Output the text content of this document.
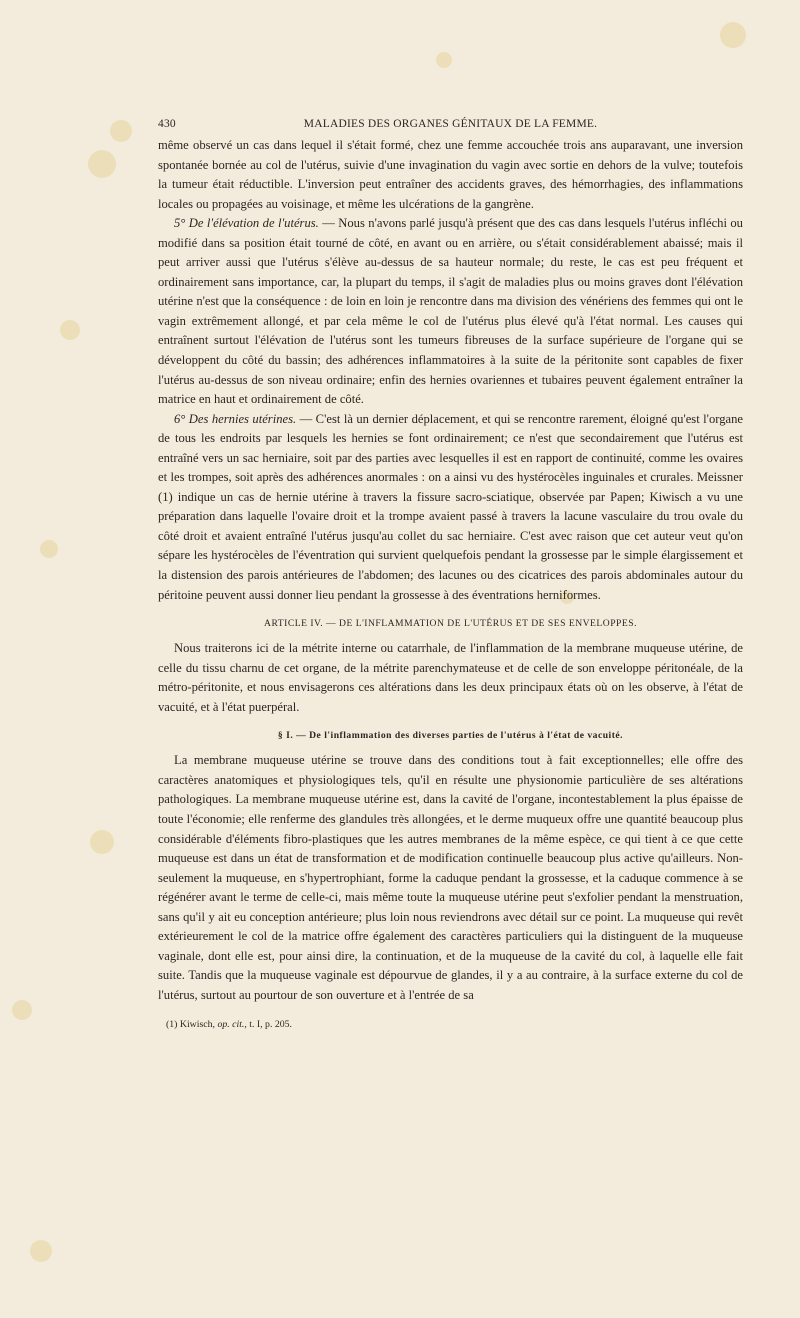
430	MALADIES DES ORGANES GÉNITAUX DE LA FEMME.

même observé un cas dans lequel il s'était formé, chez une femme accouchée trois ans auparavant, une inversion spontanée bornée au col de l'utérus, suivie d'une invagination du vagin avec sortie en dehors de la vulve; toutefois la tumeur était réductible. L'inversion peut entraîner des accidents graves, des hémorrhagies, des inflammations locales ou propagées au voisinage, et même les ulcérations de la gangrène.

5° De l'élévation de l'utérus. — Nous n'avons parlé jusqu'à présent que des cas dans lesquels l'utérus infléchi ou modifié dans sa position était tourné de côté, en avant ou en arrière, ou s'était considérablement abaissé; mais il peut arriver aussi que l'utérus s'élève au-dessus de sa hauteur normale; du reste, le cas est peu fréquent et ordinairement sans importance, car, la plupart du temps, il s'agit de maladies plus ou moins graves dont l'élévation utérine n'est que la conséquence : de loin en loin je rencontre dans ma division des vénériens des femmes qui ont le vagin extrêmement allongé, et par cela même le col de l'utérus plus élevé qu'à l'état normal. Les causes qui entraînent surtout l'élévation de l'utérus sont les tumeurs fibreuses de la surface supérieure de l'organe qui se développent du côté du bassin; des adhérences inflammatoires à la suite de la péritonite sont capables de fixer l'utérus au-dessus de son niveau ordinaire; enfin des hernies ovariennes et tubaires peuvent également entraîner la matrice en haut et ordinairement de côté.

6° Des hernies utérines. — C'est là un dernier déplacement, et qui se rencontre rarement, éloigné qu'est l'organe de tous les endroits par lesquels les hernies se font ordinairement; ce n'est que secondairement que l'utérus est entraîné vers un sac herniaire, soit par des parties avec lesquelles il est en rapport de continuité, comme les ovaires et les trompes, soit après des adhérences anormales : on a ainsi vu des hystérocèles inguinales et crurales. Meissner (1) indique un cas de hernie utérine à travers la fissure sacro-sciatique, observée par Papen; Kiwisch a vu une préparation dans laquelle l'ovaire droit et la trompe avaient passé à travers la lacune vasculaire du trou ovale du côté droit et avaient entraîné l'utérus jusqu'au collet du sac herniaire. C'est avec raison que cet auteur veut qu'on sépare les hystérocèles de l'éventration qui survient quelquefois pendant la grossesse par le simple élargissement et la distension des parois antérieures de l'abdomen; des lacunes ou des cicatrices des parois abdominales autour du péritoine peuvent aussi donner lieu pendant la grossesse à des éventrations herniformes.

ARTICLE IV. — DE L'INFLAMMATION DE L'UTÉRUS ET DE SES ENVELOPPES.

Nous traiterons ici de la métrite interne ou catarrhale, de l'inflammation de la membrane muqueuse utérine, de celle du tissu charnu de cet organe, de la métrite parenchymateuse et de celle de son enveloppe péritonéale, de la métro-péritonite, et nous envisagerons ces altérations dans les deux principaux états où on les observe, à l'état de vacuité, et à l'état puerpéral.

§ I. — De l'inflammation des diverses parties de l'utérus à l'état de vacuité.

La membrane muqueuse utérine se trouve dans des conditions tout à fait exceptionnelles; elle offre des caractères anatomiques et physiologiques tels, qu'il en résulte une physionomie particulière de ses altérations pathologiques. La membrane muqueuse utérine est, dans la cavité de l'organe, incontestablement la plus épaisse de toute l'économie; elle renferme des glandules très allongées, et le derme muqueux offre une quantité beaucoup plus considérable d'éléments fibro-plastiques que les autres membranes de la même espèce, ce qui tient à ce que cette muqueuse est dans un état de transformation et de modification continuelle beaucoup plus active qu'ailleurs. Non-seulement la muqueuse, en s'hypertrophiant, forme la caduque pendant la grossesse, et la caduque commence à se régénérer avant le terme de celle-ci, mais même toute la muqueuse utérine peut s'exfolier pendant la menstruation, sans qu'il y ait eu conception antérieure; plus loin nous reviendrons avec détail sur ce point. La muqueuse qui revêt extérieurement le col de la matrice offre également des caractères particuliers qui la distinguent de la muqueuse vaginale, dont elle est, pour ainsi dire, la continuation, et de la muqueuse de la cavité du col, à laquelle elle fait suite. Tandis que la muqueuse vaginale est dépourvue de glandes, il y a au contraire, à la surface externe du col de l'utérus, surtout au pourtour de son ouverture et à l'entrée de sa

(1) Kiwisch, op. cit., t. I, p. 205.
